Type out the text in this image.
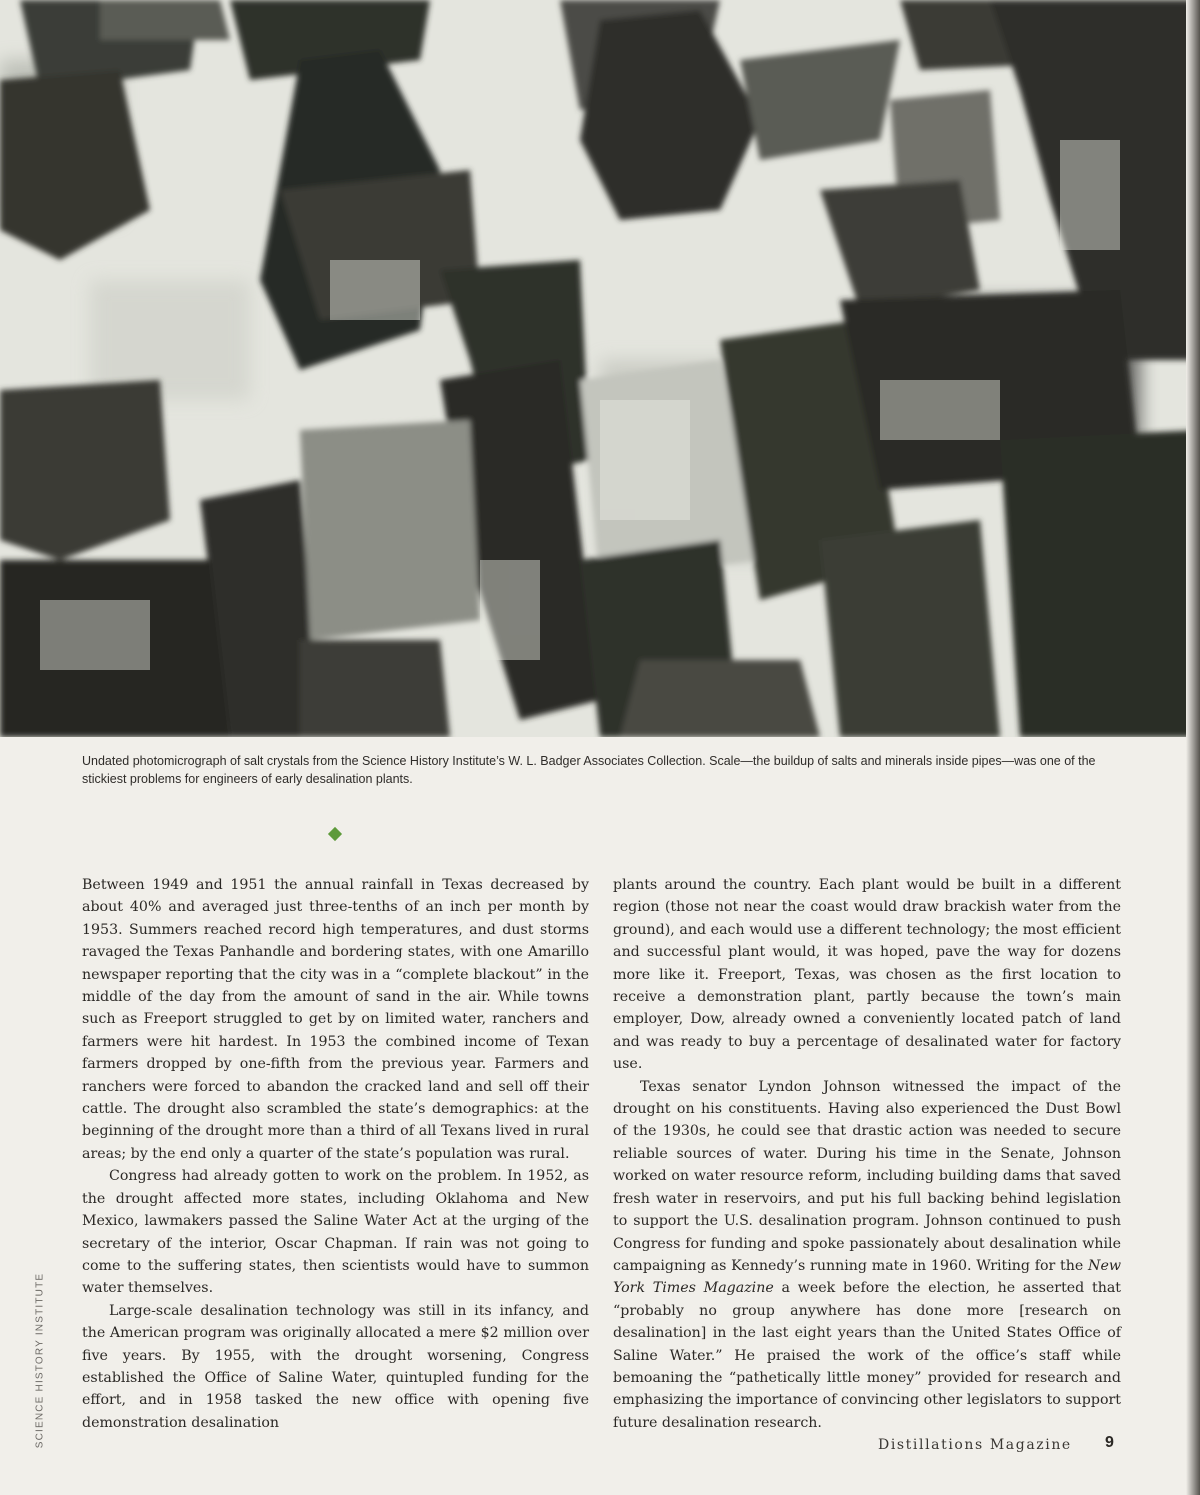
Undated photomicrograph of salt crystals from the Science History Institute’s W. L. Badger Associates Collection. Scale—the buildup of salts and minerals inside pipes—was one of the stickiest problems for engineers of early desalination plants.

Between 1949 and 1951 the annual rainfall in Texas decreased by about 40% and averaged just three-tenths of an inch per month by 1953. Summers reached record high temperatures, and dust storms ravaged the Texas Panhandle and bordering states, with one Amarillo newspaper reporting that the city was in a “complete blackout” in the middle of the day from the amount of sand in the air. While towns such as Freeport struggled to get by on limited water, ranchers and farmers were hit hardest. In 1953 the combined income of Texan farmers dropped by one-fifth from the previous year. Farmers and ranchers were forced to abandon the cracked land and sell off their cattle. The drought also scrambled the state’s demographics: at the beginning of the drought more than a third of all Texans lived in rural areas; by the end only a quarter of the state’s population was rural.

Congress had already gotten to work on the problem. In 1952, as the drought affected more states, including Oklahoma and New Mexico, lawmakers passed the Saline Water Act at the urging of the secretary of the interior, Oscar Chapman. If rain was not going to come to the suffering states, then scientists would have to summon water themselves.

Large-scale desalination technology was still in its infancy, and the American program was originally allocated a mere $2 million over five years. By 1955, with the drought worsening, Congress established the Office of Saline Water, quintupled funding for the effort, and in 1958 tasked the new office with opening five demonstration desalination

plants around the country. Each plant would be built in a different region (those not near the coast would draw brackish water from the ground), and each would use a different technology; the most efficient and successful plant would, it was hoped, pave the way for dozens more like it. Freeport, Texas, was chosen as the first location to receive a demonstration plant, partly because the town’s main employer, Dow, already owned a conveniently located patch of land and was ready to buy a percentage of desalinated water for factory use.

Texas senator Lyndon Johnson witnessed the impact of the drought on his constituents. Having also experienced the Dust Bowl of the 1930s, he could see that drastic action was needed to secure reliable sources of water. During his time in the Senate, Johnson worked on water resource reform, including building dams that saved fresh water in reservoirs, and put his full backing behind legislation to support the U.S. desalination program. Johnson continued to push Congress for funding and spoke passionately about desalination while campaigning as Kennedy’s running mate in 1960. Writing for the New York Times Magazine a week before the election, he asserted that “probably no group anywhere has done more [research on desalination] in the last eight years than the United States Office of Saline Water.” He praised the work of the office’s staff while bemoaning the “pathetically little money” provided for research and emphasizing the importance of convincing other legislators to support future desalination research.

SCIENCE HISTORY INSTITUTE	Distillations Magazine 9
